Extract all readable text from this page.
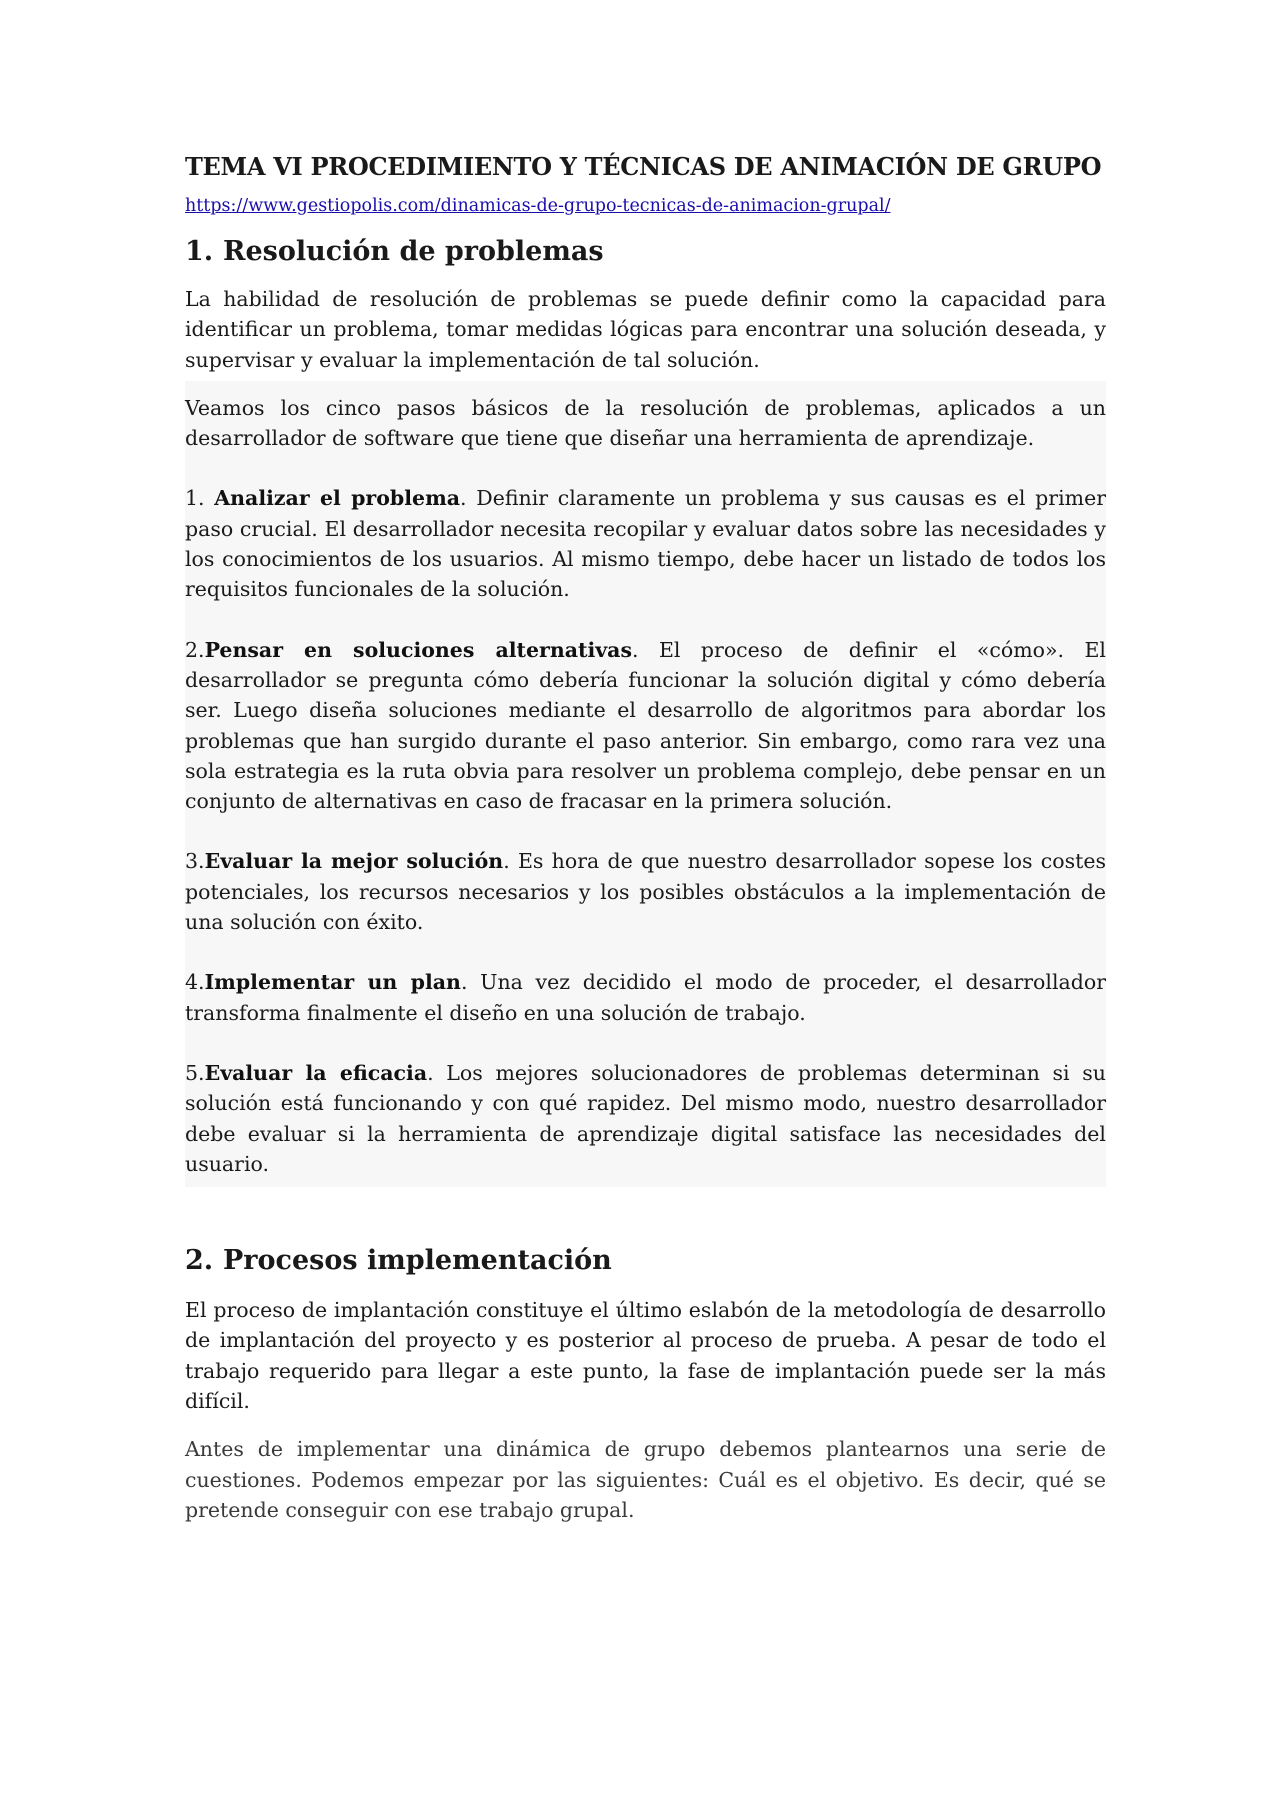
TEMA VI PROCEDIMIENTO Y TÉCNICAS DE ANIMACIÓN DE GRUPO
https://www.gestiopolis.com/dinamicas-de-grupo-tecnicas-de-animacion-grupal/
1. Resolución de problemas

La habilidad de resolución de problemas se puede definir como la capacidad para identificar un problema, tomar medidas lógicas para encontrar una solución deseada, y supervisar y evaluar la implementación de tal solución.

Veamos los cinco pasos básicos de la resolución de problemas, aplicados a un desarrollador de software que tiene que diseñar una herramienta de aprendizaje.

1. Analizar el problema. Definir claramente un problema y sus causas es el primer paso crucial. El desarrollador necesita recopilar y evaluar datos sobre las necesidades y los conocimientos de los usuarios. Al mismo tiempo, debe hacer un listado de todos los requisitos funcionales de la solución.

2.Pensar en soluciones alternativas. El proceso de definir el «cómo». El desarrollador se pregunta cómo debería funcionar la solución digital y cómo debería ser. Luego diseña soluciones mediante el desarrollo de algoritmos para abordar los problemas que han surgido durante el paso anterior. Sin embargo, como rara vez una sola estrategia es la ruta obvia para resolver un problema complejo, debe pensar en un conjunto de alternativas en caso de fracasar en la primera solución.

3.Evaluar la mejor solución. Es hora de que nuestro desarrollador sopese los costes potenciales, los recursos necesarios y los posibles obstáculos a la implementación de una solución con éxito.

4.Implementar un plan. Una vez decidido el modo de proceder, el desarrollador transforma finalmente el diseño en una solución de trabajo.

5.Evaluar la eficacia. Los mejores solucionadores de problemas determinan si su solución está funcionando y con qué rapidez. Del mismo modo, nuestro desarrollador debe evaluar si la herramienta de aprendizaje digital satisface las necesidades del usuario.

2. Procesos implementación

El proceso de implantación constituye el último eslabón de la metodología de desarrollo de implantación del proyecto y es posterior al proceso de prueba. A pesar de todo el trabajo requerido para llegar a este punto, la fase de implantación puede ser la más difícil.

Antes de implementar una dinámica de grupo debemos plantearnos una serie de cuestiones. Podemos empezar por las siguientes: Cuál es el objetivo. Es decir, qué se pretende conseguir con ese trabajo grupal.
